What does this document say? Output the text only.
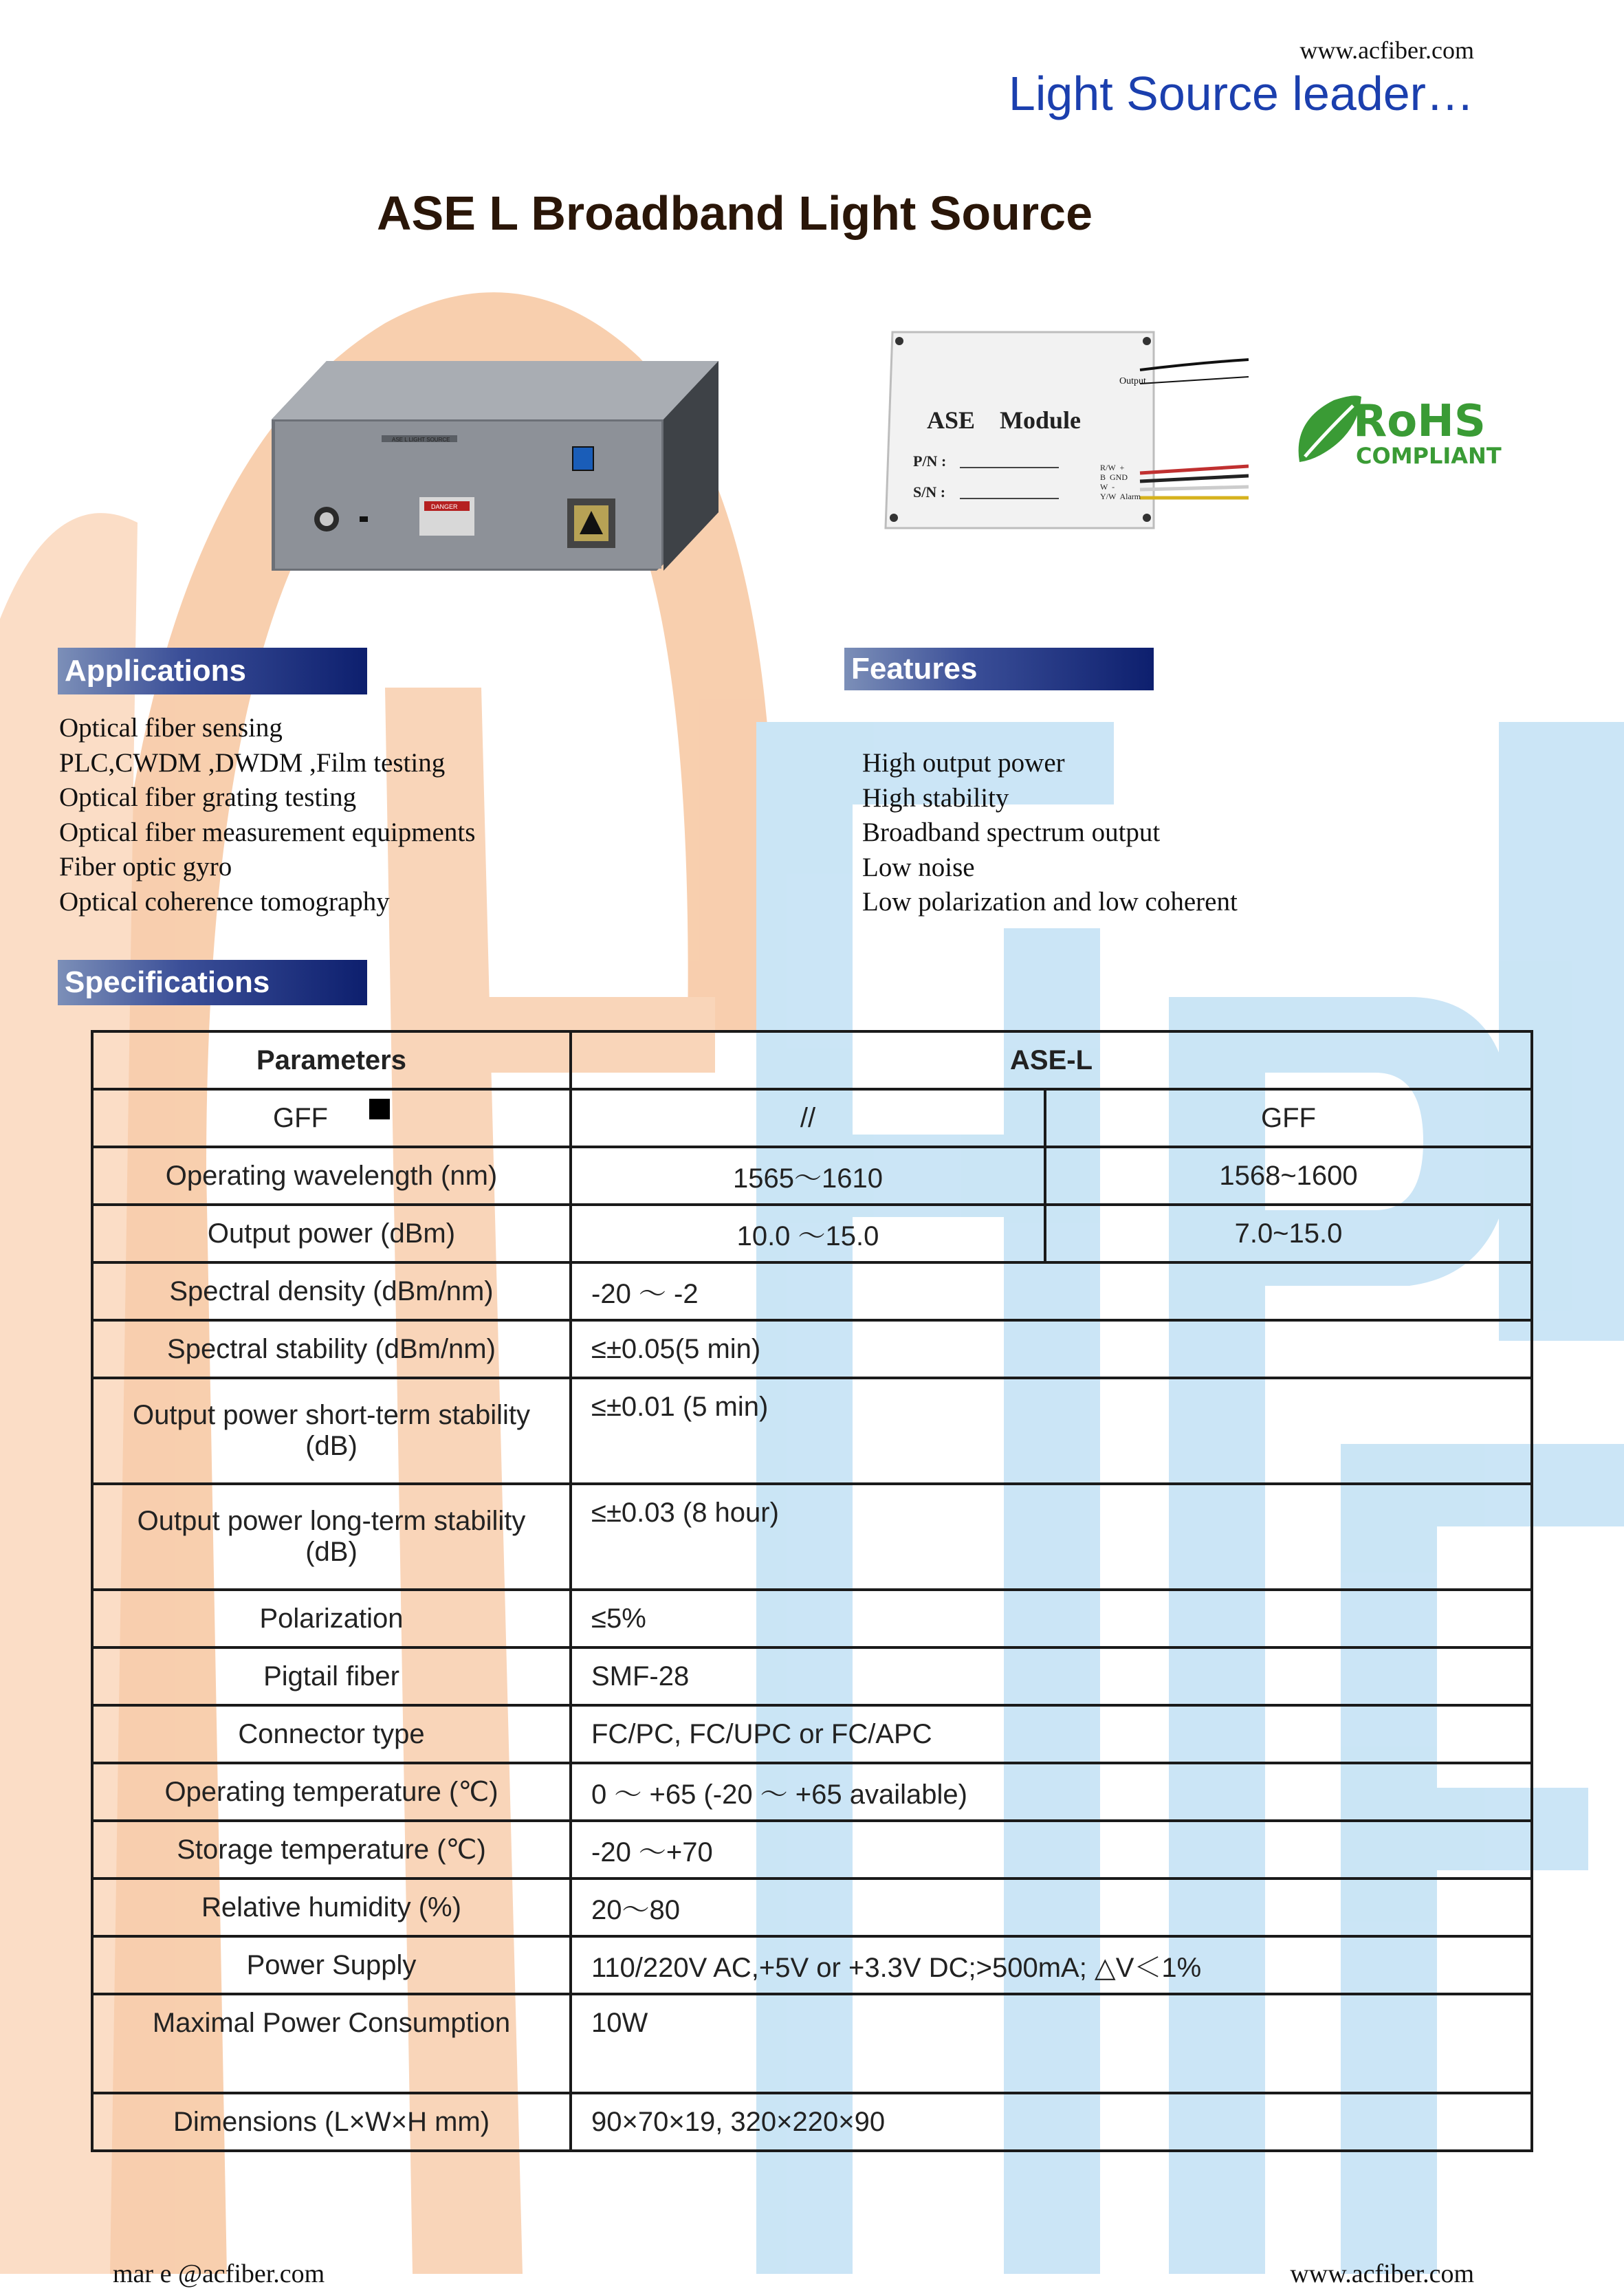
www.acfiber.com
Light Source leader…
ASE L Broadband Light Source
ASE L LIGHT SOURCE
DANGER
Output
ASE    Module
P/N :
S/N :
R/W  +
B  GND
W  -
Y/W  Alarm
RoHS
COMPLIANT
Applications
Optical fiber sensing
PLC,CWDM ,DWDM ,Film testing
Optical fiber grating testing
Optical fiber measurement equipments
Fiber optic gyro
Optical coherence tomography
Features
High output power
High stability
Broadband spectrum output
Low noise
Low polarization and low coherent
Specifications
Parameters	ASE-L	
GFF	//	GFF
Operating wavelength (nm)	1565～1610	1568~1600
Output power (dBm)	10.0 ～15.0	7.0~15.0
Spectral density (dBm/nm)	-20 ～ -2	
Spectral stability (dBm/nm)	≤±0.05(5 min)	
Output power short-term stability (dB)	≤±0.01 (5 min)	
Output power long-term stability (dB)	≤±0.03 (8 hour)	
Polarization	≤5%	
Pigtail fiber	SMF-28	
Connector type	FC/PC, FC/UPC or FC/APC	
Operating temperature (℃)	0 ～ +65 (-20 ～ +65 available)	
Storage temperature (℃)	-20 ～+70	
Relative humidity (%)	20～80	
Power Supply	110/220V AC,+5V or +3.3V DC;>500mA; △V＜1%	
Maximal Power Consumption	10W	
Dimensions (L×W×H mm)	90×70×19, 320×220×90	
mar e @acfiber.com	www.acfiber.com
